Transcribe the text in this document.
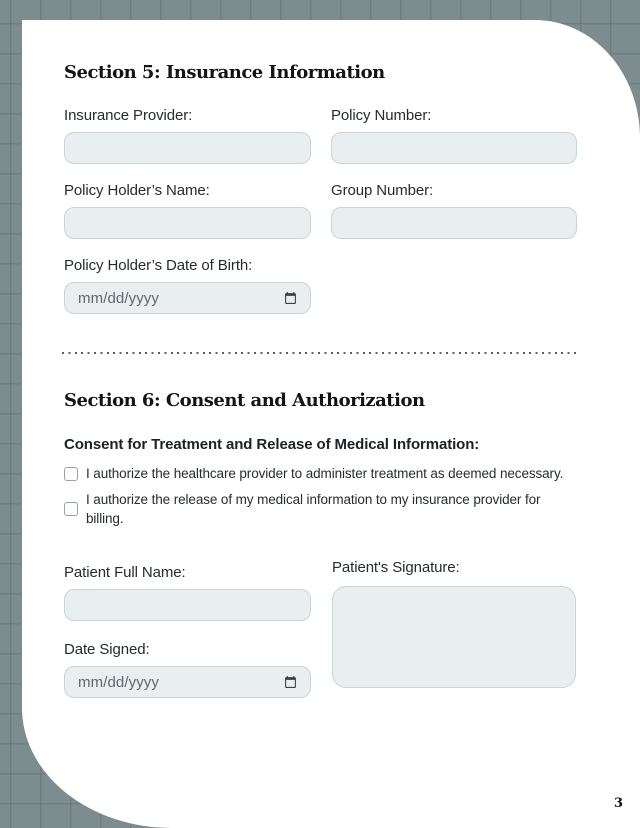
Section 5: Insurance Information
Insurance Provider:	Policy Number:
Policy Holder’s Name:	Group Number:
Policy Holder’s Date of Birth:
mm/dd/yyyy
Section 6: Consent and Authorization
Consent for Treatment and Release of Medical Information:
I authorize the healthcare provider to administer treatment as deemed necessary.
I authorize the release of my medical information to my insurance provider for billing.
Patient Full Name:
Date Signed:
mm/dd/yyyy
Patient's Signature:
3
